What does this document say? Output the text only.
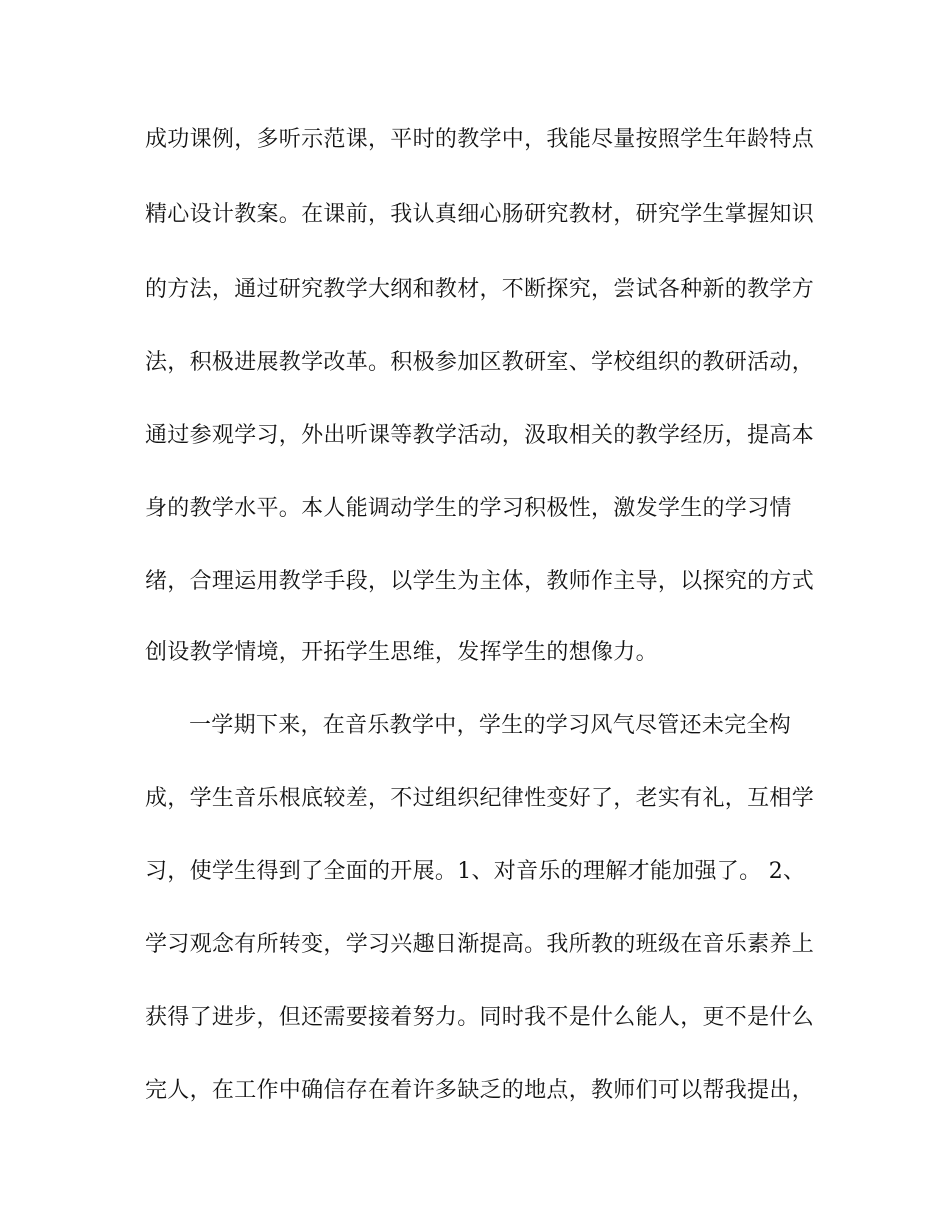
成功课例，多听示范课，平时的教学中，我能尽量按照学生年龄特点
精心设计教案。在课前，我认真细心肠研究教材，研究学生掌握知识
的方法，通过研究教学大纲和教材，不断探究，尝试各种新的教学方
法，积极进展教学改革。积极参加区教研室、学校组织的教研活动，
通过参观学习，外出听课等教学活动，汲取相关的教学经历，提高本
身的教学水平。本人能调动学生的学习积极性，激发学生的学习情
绪，合理运用教学手段，以学生为主体，教师作主导，以探究的方式
创设教学情境，开拓学生思维，发挥学生的想像力。
一学期下来，在音乐教学中，学生的学习风气尽管还未完全构
成，学生音乐根底较差，不过组织纪律性变好了，老实有礼，互相学
习，使学生得到了全面的开展。1、对音乐的理解才能加强了。 2、
学习观念有所转变，学习兴趣日渐提高。我所教的班级在音乐素养上
获得了进步，但还需要接着努力。同时我不是什么能人，更不是什么
完人，在工作中确信存在着许多缺乏的地点，教师们可以帮我提出，
